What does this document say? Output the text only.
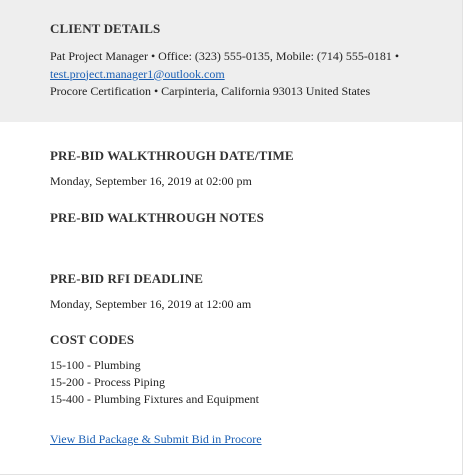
CLIENT DETAILS

Pat Project Manager • Office: (323) 555-0135, Mobile: (714) 555-0181 •
test.project.manager1@outlook.com

Procore Certification • Carpinteria, California 93013 United States

PRE-BID WALKTHROUGH DATE/TIME

Monday, September 16, 2019 at 02:00 pm

PRE-BID WALKTHROUGH NOTES

PRE-BID RFI DEADLINE

Monday, September 16, 2019 at 12:00 am

COST CODES

15-100 - Plumbing

15-200 - Process Piping

15-400 - Plumbing Fixtures and Equipment

View Bid Package & Submit Bid in Procore
